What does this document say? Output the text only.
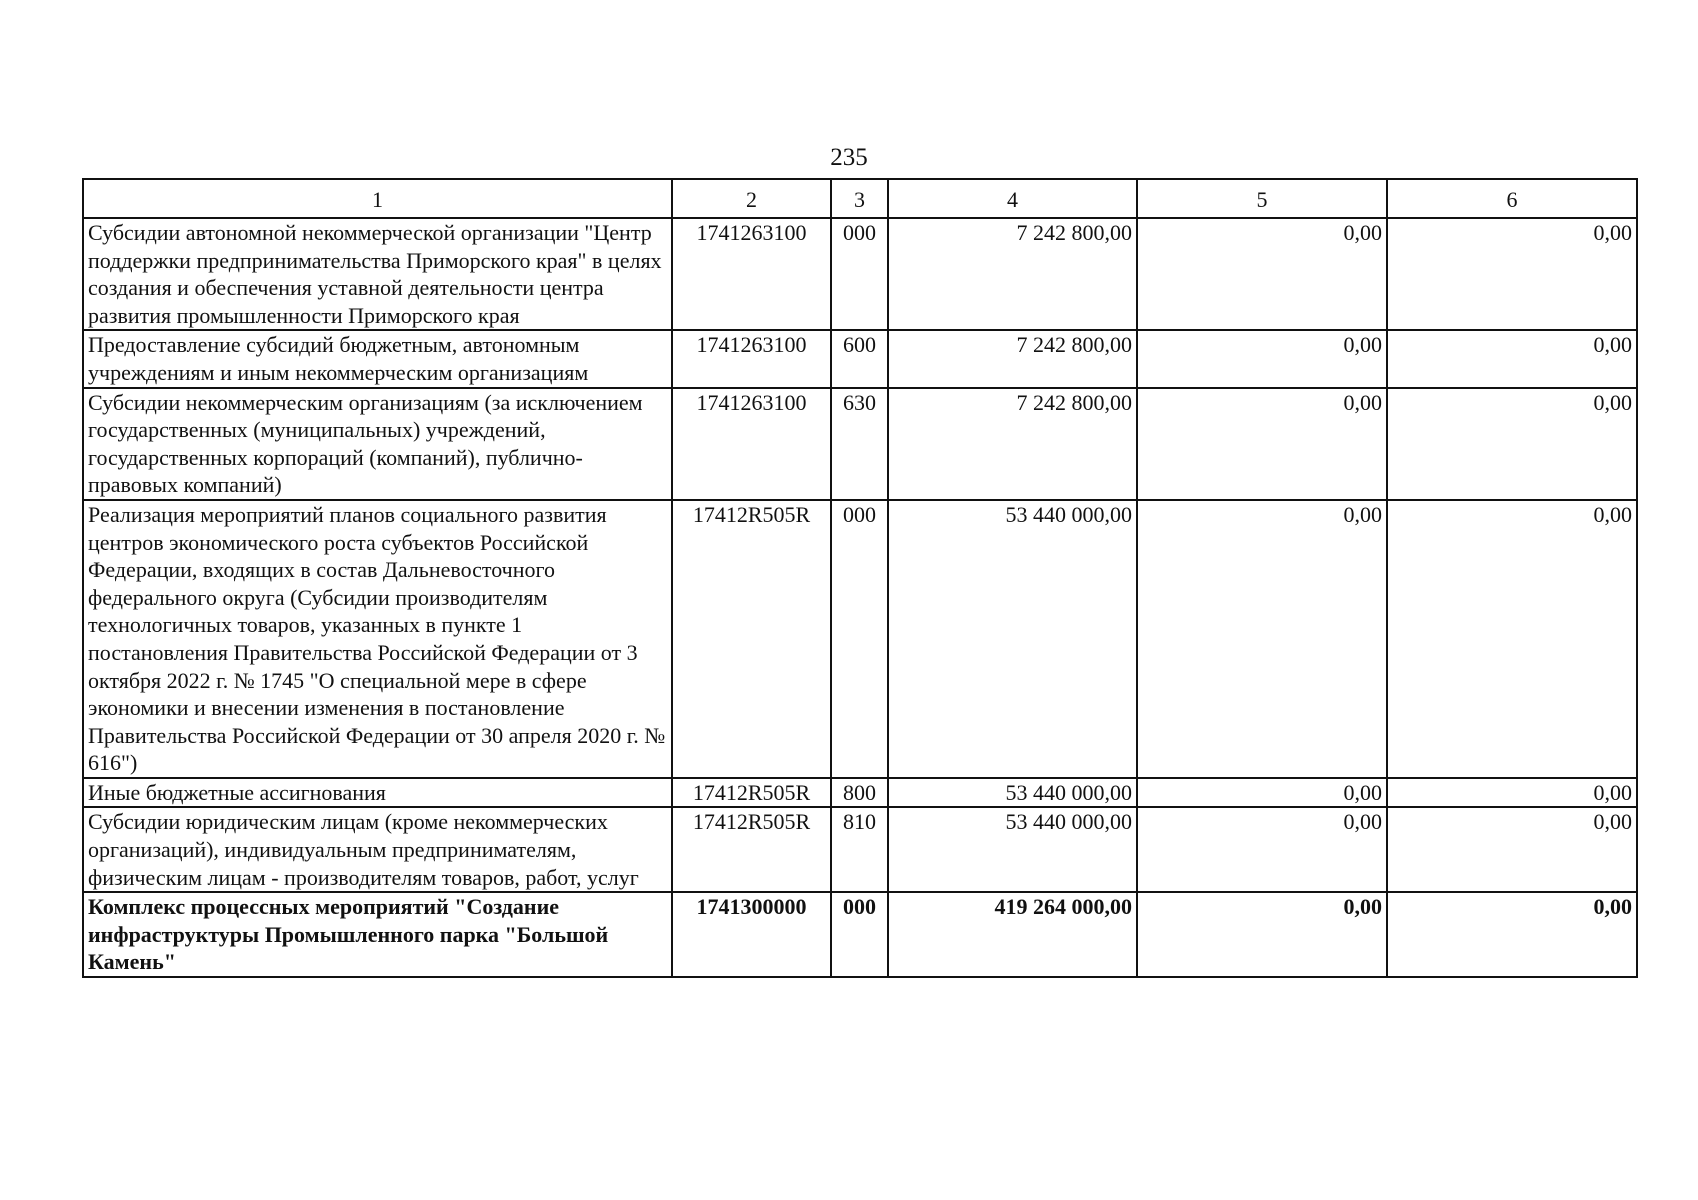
235
1	2	3	4	5	6
Субсидии автономной некоммерческой организации "Центр поддержки предпринимательства Приморского края" в целях создания и обеспечения уставной деятельности центра развития промышленности Приморского края	1741263100	000	7 242 800,00	0,00	0,00
Предоставление субсидий бюджетным, автономным учреждениям и иным некоммерческим организациям	1741263100	600	7 242 800,00	0,00	0,00
Субсидии некоммерческим организациям (за исключением государственных (муниципальных) учреждений, государственных корпораций (компаний), публично-правовых компаний)	1741263100	630	7 242 800,00	0,00	0,00
Реализация мероприятий планов социального развития центров экономического роста субъектов Российской Федерации, входящих в состав Дальневосточного федерального округа (Субсидии производителям технологичных товаров, указанных в пункте 1 постановления Правительства Российской Федерации от 3 октября 2022 г. № 1745 "О специальной мере в сфере экономики и внесении изменения в постановление Правительства Российской Федерации от 30 апреля 2020 г. № 616")	17412R505R	000	53 440 000,00	0,00	0,00
Иные бюджетные ассигнования	17412R505R	800	53 440 000,00	0,00	0,00
Субсидии юридическим лицам (кроме некоммерческих организаций), индивидуальным предпринимателям, физическим лицам - производителям товаров, работ, услуг	17412R505R	810	53 440 000,00	0,00	0,00
Комплекс процессных мероприятий "Создание инфраструктуры Промышленного парка "Большой Камень"	1741300000	000	419 264 000,00	0,00	0,00
